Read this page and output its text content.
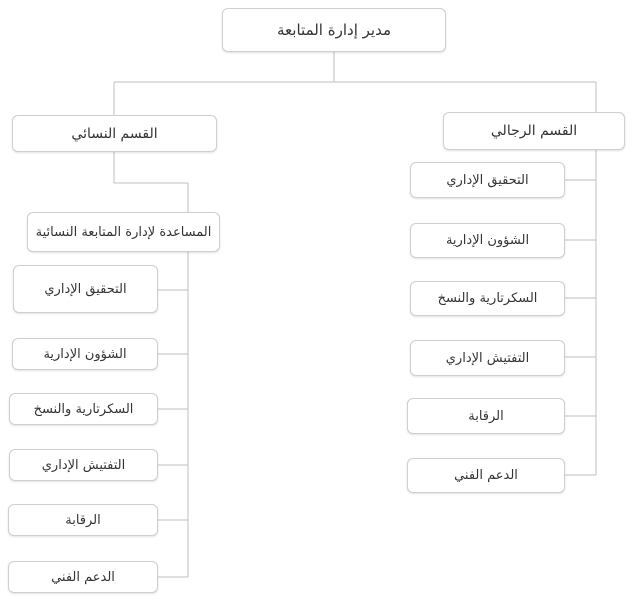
مدير إدارة المتابعة
القسم النسائي	القسم الرجالي
المساعدة لإدارة المتابعة النسائية
التحقيق الإداري
الشؤون الإدارية
السكرتارية والنسخ
التفتيش الإداري
الرقابة
الدعم الفني
التحقيق الإداري
الشؤون الإدارية
السكرتارية والنسخ
التفتيش الإداري
الرقابة
الدعم الفني
